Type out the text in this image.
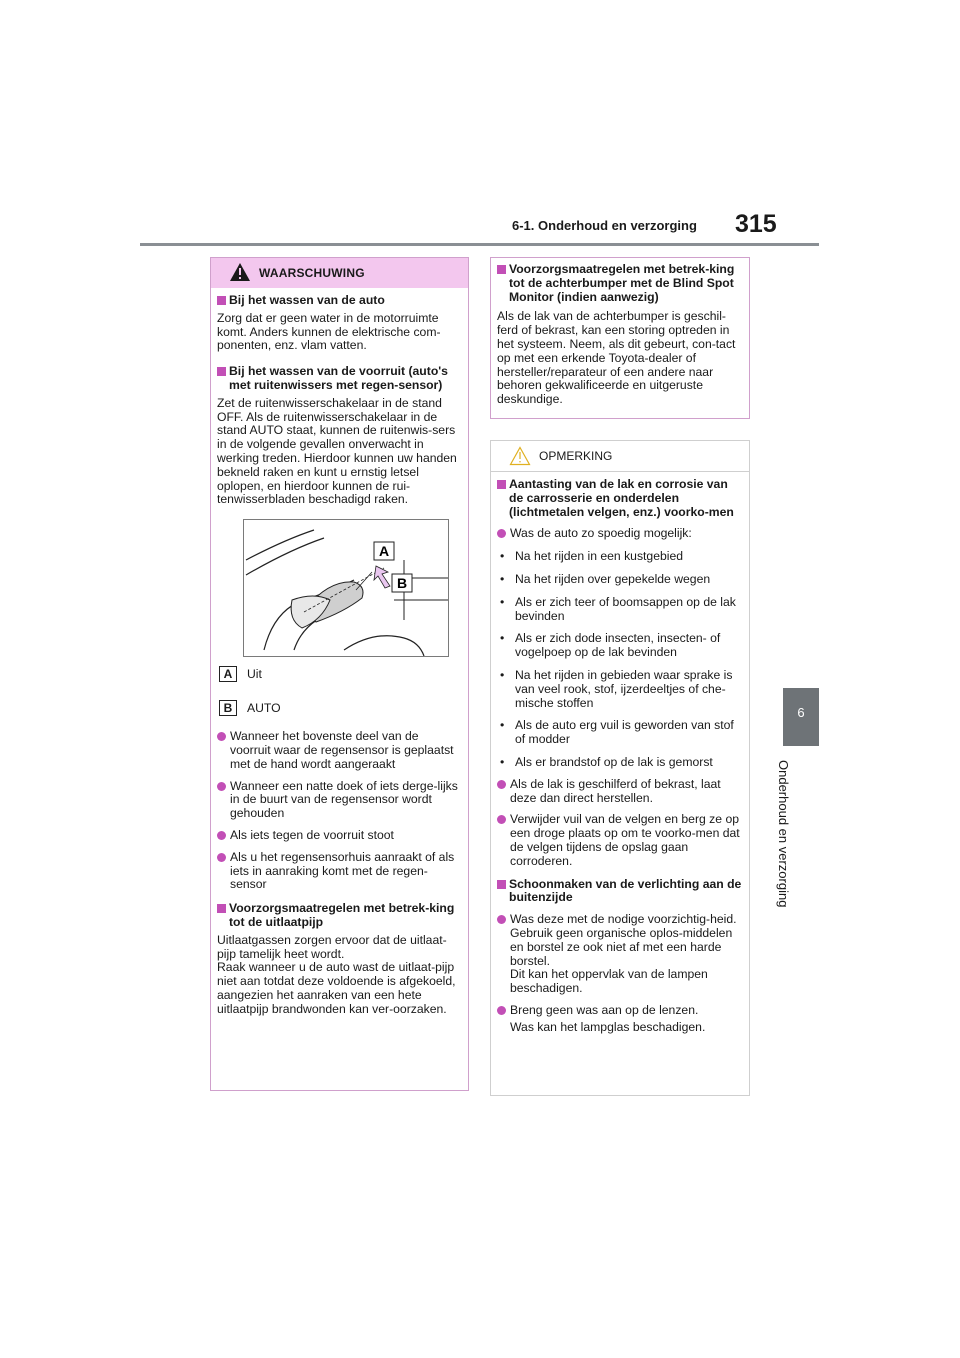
6-1. Onderhoud en verzorging 315
6
Onderhoud en verzorging
WAARSCHUWING
Bij het wassen van de auto
Zorg dat er geen water in de motorruimte komt. Anders kunnen de elektrische com-ponenten, enz. vlam vatten.
Bij het wassen van de voorruit (auto's met ruitenwissers met regen-sensor)
Zet de ruitenwisserschakelaar in de stand OFF. Als de ruitenwisserschakelaar in de stand AUTO staat, kunnen de ruitenwis-sers in de volgende gevallen onverwacht in werking treden. Hierdoor kunnen uw handen bekneld raken en kunt u ernstig letsel oplopen, en hierdoor kunnen de rui-tenwisserbladen beschadigd raken.
A
B
A	Uit
B	AUTO
Wanneer het bovenste deel van de voorruit waar de regensensor is geplaatst met de hand wordt aangeraakt
Wanneer een natte doek of iets derge-lijks in de buurt van de regensensor wordt gehouden
Als iets tegen de voorruit stoot
Als u het regensensorhuis aanraakt of als iets in aanraking komt met de regen-sensor
Voorzorgsmaatregelen met betrek-king tot de uitlaatpijp
Uitlaatgassen zorgen ervoor dat de uitlaat-pijp tamelijk heet wordt.
Raak wanneer u de auto wast de uitlaat-pijp niet aan totdat deze voldoende is afgekoeld, aangezien het aanraken van een hete uitlaatpijp brandwonden kan ver-oorzaken.
Voorzorgsmaatregelen met betrek-king tot de achterbumper met de Blind Spot Monitor (indien aanwezig)
Als de lak van de achterbumper is geschil-ferd of bekrast, kan een storing optreden in het systeem. Neem, als dit gebeurt, con-tact op met een erkende Toyota-dealer of hersteller/reparateur of een andere naar behoren gekwalificeerde en uitgeruste deskundige.
OPMERKING
Aantasting van de lak en corrosie van de carrosserie en onderdelen (lichtmetalen velgen, enz.) voorko-men
Was de auto zo spoedig mogelijk:
• Na het rijden in een kustgebied
• Na het rijden over gepekelde wegen
• Als er zich teer of boomsappen op de lak bevinden
• Als er zich dode insecten, insecten- of vogelpoep op de lak bevinden
• Na het rijden in gebieden waar sprake is van veel rook, stof, ijzerdeeltjes of che-mische stoffen
• Als de auto erg vuil is geworden van stof of modder
• Als er brandstof op de lak is gemorst
Als de lak is geschilferd of bekrast, laat deze dan direct herstellen.
Verwijder vuil van de velgen en berg ze op een droge plaats op om te voorko-men dat de velgen tijdens de opslag gaan corroderen.
Schoonmaken van de verlichting aan de buitenzijde
Was deze met de nodige voorzichtig-heid. Gebruik geen organische oplos-middelen en borstel ze ook niet af met een harde borstel.
Dit kan het oppervlak van de lampen beschadigen.
Breng geen was aan op de lenzen.
Was kan het lampglas beschadigen.
